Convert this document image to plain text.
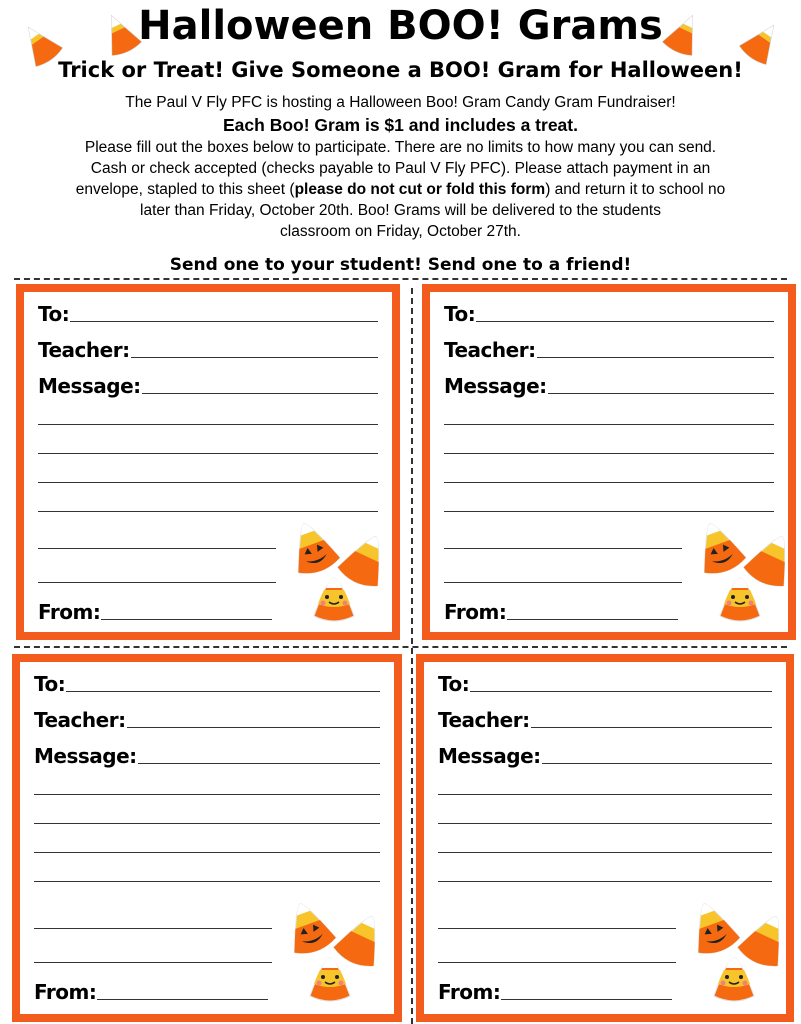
Halloween BOO! Grams
Trick or Treat! Give Someone a BOO! Gram for Halloween!
The Paul V Fly PFC is hosting a Halloween Boo! Gram Candy Gram Fundraiser!
Each Boo! Gram is $1 and includes a treat.
Please fill out the boxes below to participate. There are no limits to how many you can send.
Cash or check accepted (checks payable to Paul V Fly PFC). Please attach payment in an
envelope, stapled to this sheet (please do not cut or fold this form) and return it to school no
later than Friday, October 20th. Boo! Grams will be delivered to the students
classroom on Friday, October 27th.
Send one to your student! Send one to a friend!
To:
Teacher:
Message:
From:
To:
Teacher:
Message:
From:
To:
Teacher:
Message:
From:
To:
Teacher:
Message:
From:
